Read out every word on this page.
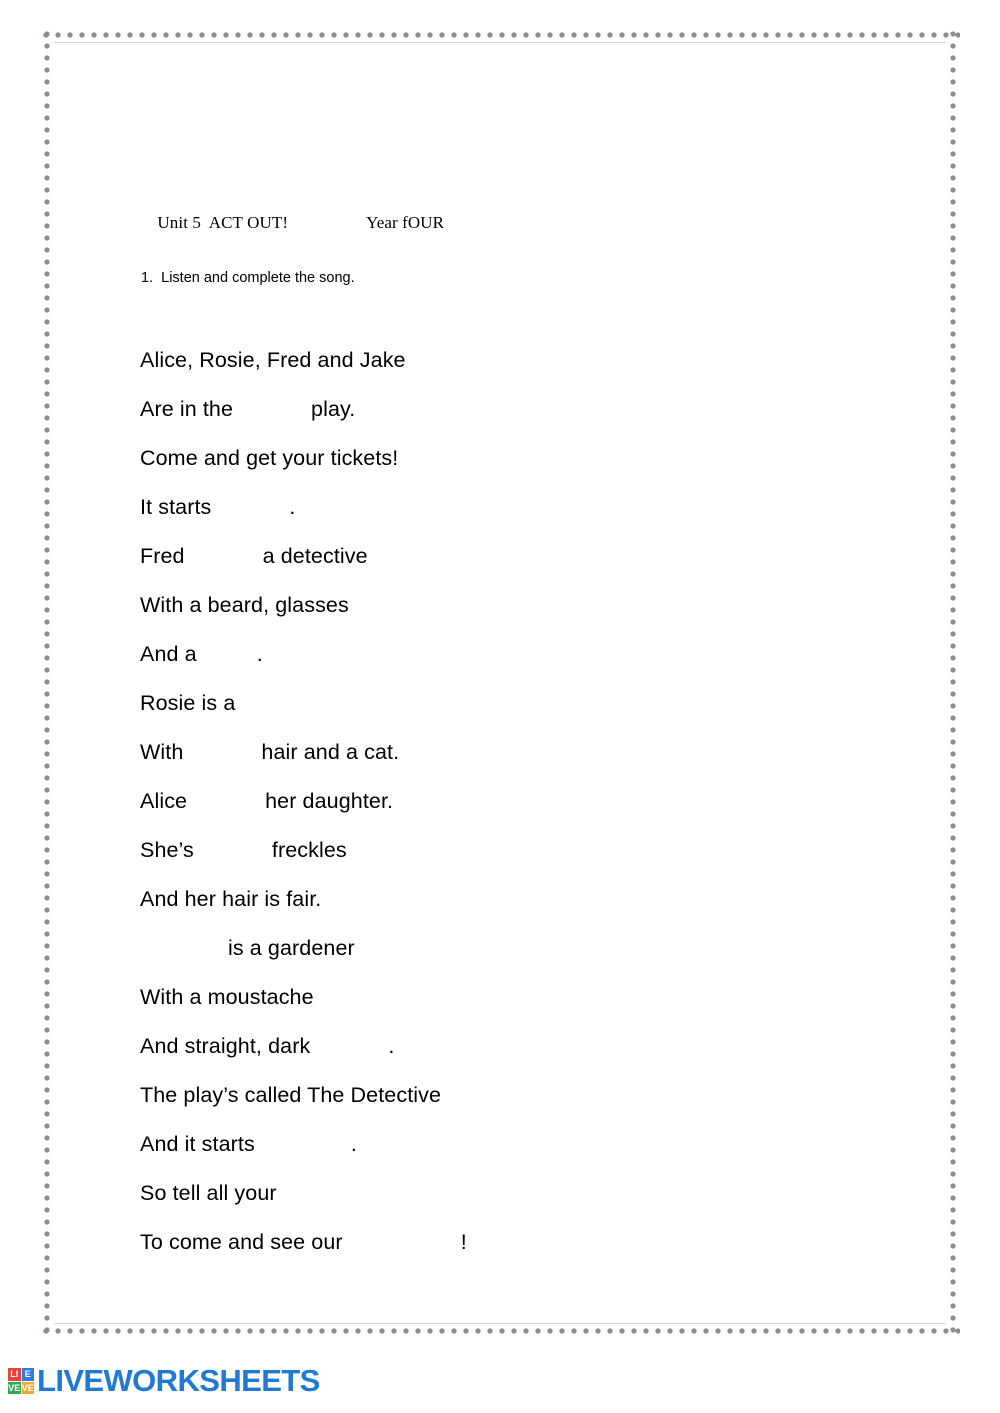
Unit 5  ACT OUT!	Year fOUR

1.  Listen and complete the song.
Alice, Rosie, Fred and Jake
Are in the	play.
Come and get your tickets!
It starts	.
Fred	a detective
With a beard, glasses
And a	.
Rosie is a
With	hair and a cat.
Alice	her daughter.
She’s	freckles
And her hair is fair.
is a gardener
With a moustache
And straight, dark	.
The play’s called The Detective
And it starts	.
So tell all your
To come and see our	!
LI E
VE VE LIVEWORKSHEETS
